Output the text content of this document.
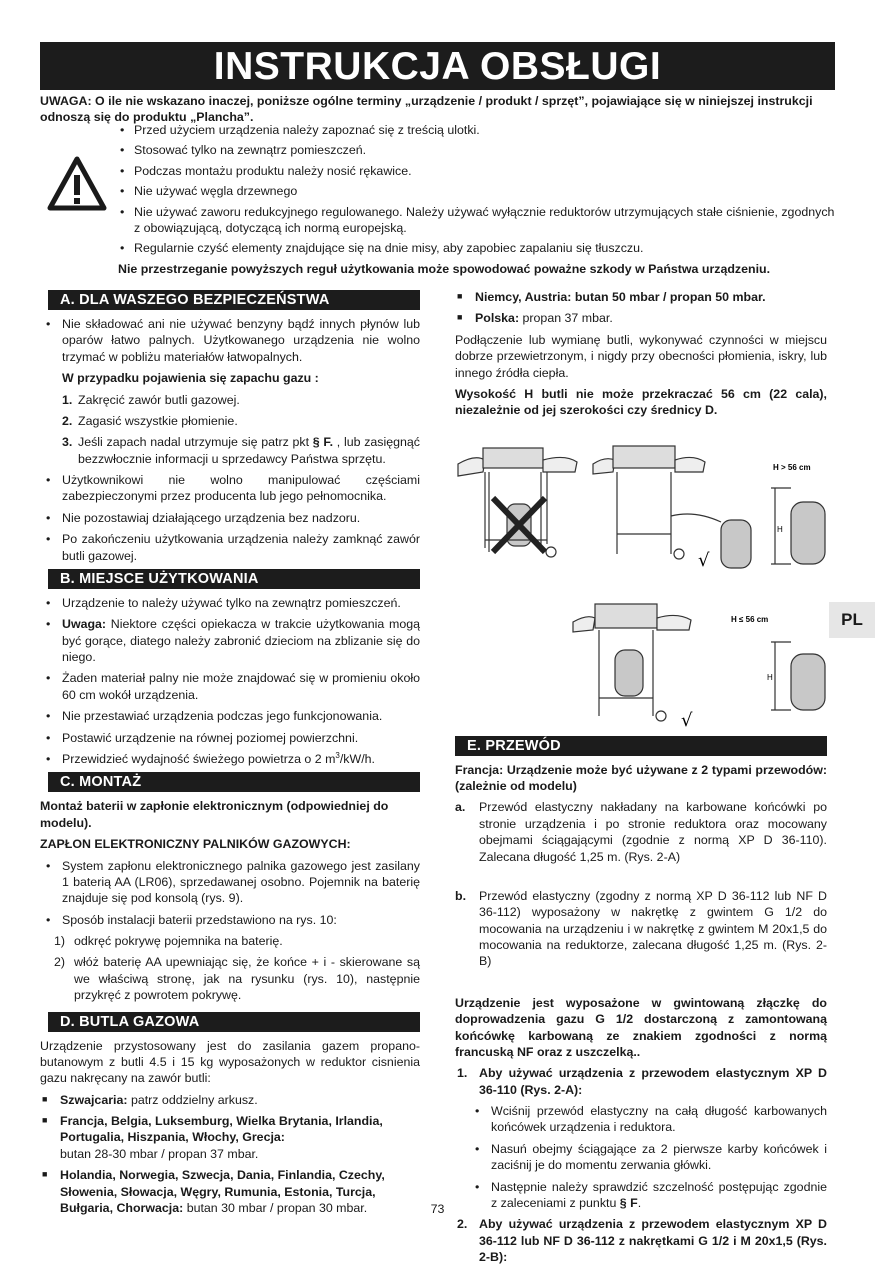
INSTRUKCJA OBSŁUGI
UWAGA: O ile nie wskazano inaczej, poniższe ogólne terminy „urządzenie / produkt / sprzęt”, pojawiające się w niniejszej instrukcji odnoszą się do produktu „Plancha”.
• Przed użyciem urządzenia należy zapoznać się z treścią ulotki.
• Stosować tylko na zewnątrz pomieszczeń.
• Podczas montażu produktu należy nosić rękawice.
• Nie używać węgla drzewnego
• Nie używać zaworu redukcyjnego regulowanego. Należy używać wyłącznie reduktorów utrzymujących stałe ciśnienie, zgodnych z obowiązującą, dotyczącą ich normą europejską.
• Regularnie czyść elementy znajdujące się na dnie misy, aby zapobiec zapalaniu się tłuszczu.
Nie przestrzeganie powyższych reguł użytkowania może spowodować poważne szkody w Państwa urządzeniu.
A. DLA WASZEGO BEZPIECZEŃSTWA
• Nie składować ani nie używać benzyny bądź innych płynów lub oparów łatwo palnych. Użytkowanego urządzenia nie wolno trzymać w pobliżu materiałów łatwopalnych.

W przypadku pojawienia się zapachu gazu :

1. Zakręcić zawór butli gazowej.
2. Zagasić wszystkie płomienie.
3. Jeśli zapach nadal utrzymuje się patrz pkt § F. , lub zasięgnąć bezzwłocznie informacji u sprzedawcy Państwa sprzętu.
• Użytkownikowi nie wolno manipulować częściami zabezpieczonymi przez producenta lub jego pełnomocnika.
• Nie pozostawiaj działającego urządzenia bez nadzoru.
• Po zakończeniu użytkowania urządzenia należy zamknąć zawór butli gazowej.
B. MIEJSCE UŻYTKOWANIA
• Urządzenie to należy używać tylko na zewnątrz pomieszczeń.
• Uwaga: Niektore części opiekacza w trakcie użytkowania mogą być gorące, diatego należy zabronić dzieciom na zblizanie się do niego.
• Żaden materiał palny nie może znajdować się w promieniu około 60 cm wokół urządzenia.
• Nie przestawiać urządzenia podczas jego funkcjonowania.
• Postawić urządzenie na równej poziomej powierzchni.
• Przewidzieć wydajność świeżego powietrza o 2 $m^3/kW/h$.
C. MONTAŻ

Montaż baterii w zapłonie elektronicznym (odpowiedniej do modelu).

ZAPŁON ELEKTRONICZNY PALNIKÓW GAZOWYCH:

• System zapłonu elektronicznego palnika gazowego jest zasilany 1 baterią AA (LR06), sprzedawanej osobno. Pojemnik na baterię znajduje się pod konsolą (rys. 9).
• Sposób instalacji baterii przedstawiono na rys. 10:
1) odkręć pokrywę pojemnika na baterię.
2) włóż baterię AA upewniając się, że końce + i - skierowane są we właściwą stronę, jak na rysunku (rys. 10), następnie przykręć z powrotem pokrywę.
D. BUTLA GAZOWA

Urządzenie przystosowany jest do zasilania gazem propano-butanowym z butli 4.5 i 15 kg wyposażonych w reduktor cisnienia gazu nakręcany na zawór butli:

■ Szwajcaria: patrz oddzielny arkusz.
■ Francja, Belgia, Luksemburg, Wielka Brytania, Irlandia, Portugalia, Hiszpania, Włochy, Grecja:
butan 28-30 mbar / propan 37 mbar.
■ Holandia, Norwegia, Szwecja, Dania, Finlandia, Czechy, Słowenia, Słowacja, Węgry, Rumunia, Estonia, Turcja, Bułgaria, Chorwacja: butan 30 mbar / propan 30 mbar.
■ Niemcy, Austria: butan 50 mbar / propan 50 mbar.
■ Polska: propan 37 mbar.

Podłączenie lub wymianę butli, wykonywać czynności w miejscu dobrze przewietrzonym, i nigdy przy obecności płomienia, iskry, lub innego źródła ciepła.

Wysokość H butli nie może przekraczać 56 cm (22 cala), niezależnie od jej szerokości czy średnicy D.

H > 56 cm
H
H ≤ 56 cm
H
√
√
E. PRZEWÓD

Francja: Urządzenie może być używane z 2 typami przewodów: (zależnie od modelu)

a. Przewód elastyczny nakładany na karbowane końcówki po stronie urządzenia i po stronie reduktora oraz mocowany obejmami ściągającymi (zgodnie z normą XP D 36-110). Zalecana długość 1,25 m. (Rys. 2-A)
b. Przewód elastyczny (zgodny z normą XP D 36-112 lub NF D 36-112) wyposażony w nakrętkę z gwintem G 1/2 do mocowania na urządzeniu i w nakrętkę z gwintem M 20x1,5 do mocowania na reduktorze, zalecana długość 1,25 m. (Rys. 2-B)

Urządzenie jest wyposażone w gwintowaną złączkę do doprowadzenia gazu G 1/2 dostarczoną z zamontowaną końcówkę karbowaną ze znakiem zgodności z normą francuską NF oraz z uszczelką..

1. Aby używać urządzenia z przewodem elastycznym XP D 36-110 (Rys. 2-A):
• Wciśnij przewód elastyczny na całą długość karbowanych końcówek urządzenia i reduktora.
• Nasuń obejmy ściągające za 2 pierwsze karby końcówek i zaciśnij je do momentu zerwania główki.
• Następnie należy sprawdzić szczelność postępując zgodnie z zaleceniami z punktu § F.
2. Aby używać urządzenia z przewodem elastycznym XP D 36-112 lub NF D 36-112 z nakrętkami G 1/2 i M 20x1,5 (Rys. 2-B):
PL
73
